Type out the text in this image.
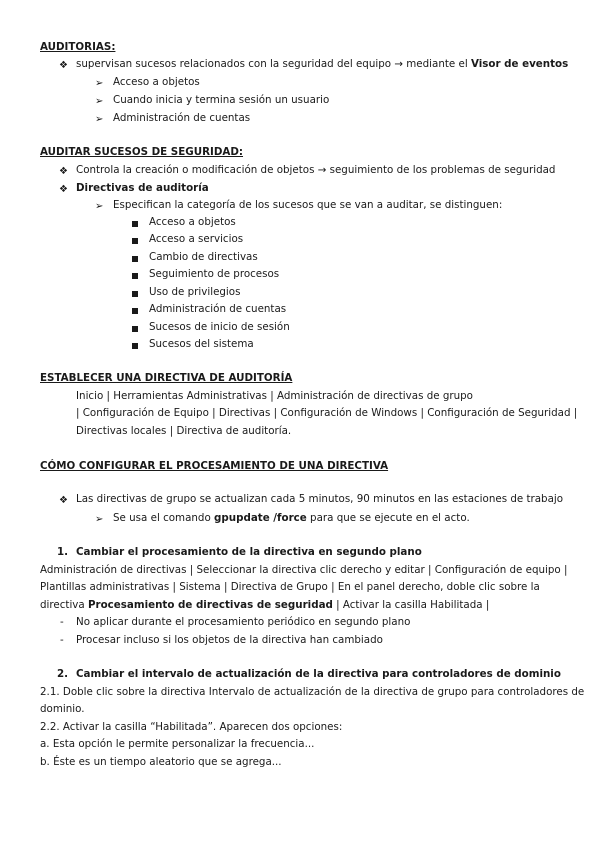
AUDITORIAS:
❖ supervisan sucesos relacionados con la seguridad del equipo → mediante el Visor de eventos
➢ Acceso a objetos
➢ Cuando inicia y termina sesión un usuario
➢ Administración de cuentas
AUDITAR SUCESOS DE SEGURIDAD:
❖ Controla la creación o modificación de objetos → seguimiento de los problemas de seguridad
❖ Directivas de auditoría
➢ Especifican la categoría de los sucesos que se van a auditar, se distinguen:
Acceso a objetos
Acceso a servicios
Cambio de directivas
Seguimiento de procesos
Uso de privilegios
Administración de cuentas
Sucesos de inicio de sesión
Sucesos del sistema
ESTABLECER UNA DIRECTIVA DE AUDITORÍA
Inicio | Herramientas Administrativas | Administración de directivas de grupo
| Configuración de Equipo | Directivas | Configuración de Windows | Configuración de Seguridad |
Directivas locales | Directiva de auditoría.
CÓMO CONFIGURAR EL PROCESAMIENTO DE UNA DIRECTIVA
❖ Las directivas de grupo se actualizan cada 5 minutos, 90 minutos en las estaciones de trabajo
➢ Se usa el comando gpupdate /force para que se ejecute en el acto.
1. Cambiar el procesamiento de la directiva en segundo plano
Administración de directivas | Seleccionar la directiva clic derecho y editar | Configuración de equipo |
Plantillas administrativas | Sistema | Directiva de Grupo | En el panel derecho, doble clic sobre la
directiva Procesamiento de directivas de seguridad | Activar la casilla Habilitada |
- No aplicar durante el procesamiento periódico en segundo plano
- Procesar incluso si los objetos de la directiva han cambiado
2. Cambiar el intervalo de actualización de la directiva para controladores de dominio
2.1. Doble clic sobre la directiva Intervalo de actualización de la directiva de grupo para controladores de
dominio.
2.2. Activar la casilla “Habilitada”. Aparecen dos opciones:
a. Esta opción le permite personalizar la frecuencia...
b. Éste es un tiempo aleatorio que se agrega...
